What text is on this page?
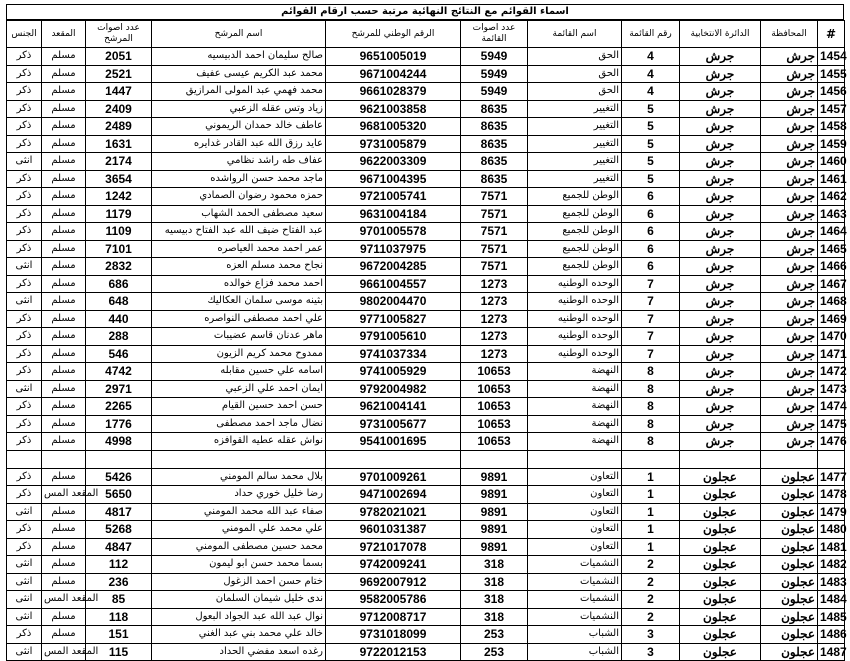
اسماء القوائم مع النتائج النهائية مرتبة حسب ارقام القوائم
الجنس	المقعد	عدد اصوات المرشح	اسم المرشح	الرقم الوطني للمرشح	عدد اصوات القائمة	اسم القائمة	رقم القائمة	الدائرة الانتخابية	المحافظة	#
ذكر	مسلم	2051	صالح سليمان احمد الدبيسيه	9651005019	5949	الحق	4	جرش	جرش	1454
ذكر	مسلم	2521	محمد عبد الكريم عيسى عفيف	9671004244	5949	الحق	4	جرش	جرش	1455
ذكر	مسلم	1447	محمد فهمي عبد المولى المرازيق	9661028379	5949	الحق	4	جرش	جرش	1456
ذكر	مسلم	2409	زياد وتس عقله الزعبي	9621003858	8635	التغيير	5	جرش	جرش	1457
ذكر	مسلم	2489	عاطف خالد حمدان الريموني	9681005320	8635	التغيير	5	جرش	جرش	1458
ذكر	مسلم	1631	عايد رزق الله عبد القادر غدايره	9731005879	8635	التغيير	5	جرش	جرش	1459
انثى	مسلم	2174	عفاف طه راشد نظامي	9622003309	8635	التغيير	5	جرش	جرش	1460
ذكر	مسلم	3654	ماجد محمد حسن الرواشده	9671004395	8635	التغيير	5	جرش	جرش	1461
ذكر	مسلم	1242	حمزه محمود رضوان الصمادي	9721005741	7571	الوطن للجميع	6	جرش	جرش	1462
ذكر	مسلم	1179	سعيد مصطفى الحمد الشهاب	9631004184	7571	الوطن للجميع	6	جرش	جرش	1463
ذكر	مسلم	1109	عبد الفتاح ضيف الله عبد الفتاح دبيسيه	9701005578	7571	الوطن للجميع	6	جرش	جرش	1464
ذكر	مسلم	7101	عمر احمد محمد العياصره	9711037975	7571	الوطن للجميع	6	جرش	جرش	1465
انثى	مسلم	2832	نجاح محمد مسلم العزه	9672004285	7571	الوطن للجميع	6	جرش	جرش	1466
ذكر	مسلم	686	احمد محمد فزاع خوالده	9661004557	1273	الوحده الوطنيه	7	جرش	جرش	1467
انثى	مسلم	648	بثينه موسى سلمان العكاليك	9802004470	1273	الوحده الوطنيه	7	جرش	جرش	1468
ذكر	مسلم	440	علي احمد مصطفى النواصره	9771005827	1273	الوحده الوطنيه	7	جرش	جرش	1469
ذكر	مسلم	288	ماهر عدنان قاسم عضيبات	9791005610	1273	الوحده الوطنيه	7	جرش	جرش	1470
ذكر	مسلم	546	ممدوح محمد كريم الزيون	9741037334	1273	الوحده الوطنيه	7	جرش	جرش	1471
ذكر	مسلم	4742	اسامه علي حسين مقابله	9741005929	10653	النهضة	8	جرش	جرش	1472
انثى	مسلم	2971	ايمان احمد علي الزعبي	9792004982	10653	النهضة	8	جرش	جرش	1473
ذكر	مسلم	2265	حسن احمد حسين القيام	9621004141	10653	النهضة	8	جرش	جرش	1474
ذكر	مسلم	1776	نضال ماجد احمد مصطفى	9731005677	10653	النهضة	8	جرش	جرش	1475
ذكر	مسلم	4998	نواش عقله عطيه القوافزه	9541001695	10653	النهضة	8	جرش	جرش	1476

ذكر	مسلم	5426	بلال محمد سالم المومني	9701009261	9891	التعاون	1	عجلون	عجلون	1477
ذكر	المقعد المس	5650	رضا خليل خوري حداد	9471002694	9891	التعاون	1	عجلون	عجلون	1478
انثى	مسلم	4817	صفاء عبد الله محمد المومني	9782021021	9891	التعاون	1	عجلون	عجلون	1479
ذكر	مسلم	5268	علي محمد علي المومني	9601031387	9891	التعاون	1	عجلون	عجلون	1480
ذكر	مسلم	4847	محمد حسين مصطفى المومني	9721017078	9891	التعاون	1	عجلون	عجلون	1481
انثى	مسلم	112	بسما محمد حسن ابو ليمون	9742009241	318	النشميات	2	عجلون	عجلون	1482
انثى	مسلم	236	ختام حسن احمد الزغول	9692007912	318	النشميات	2	عجلون	عجلون	1483
انثى	المقعد المس	85	ندى خليل شيمان السلمان	9582005786	318	النشميات	2	عجلون	عجلون	1484
انثى	مسلم	118	نوال عبد الله عبد الجواد البعول	9712008717	318	النشميات	2	عجلون	عجلون	1485
ذكر	مسلم	151	خالد علي محمد بني عبد الغني	9731018099	253	الشباب	3	عجلون	عجلون	1486
انثى	المقعد المس	115	رغده اسعد مفضي الحداد	9722012153	253	الشباب	3	عجلون	عجلون	1487
